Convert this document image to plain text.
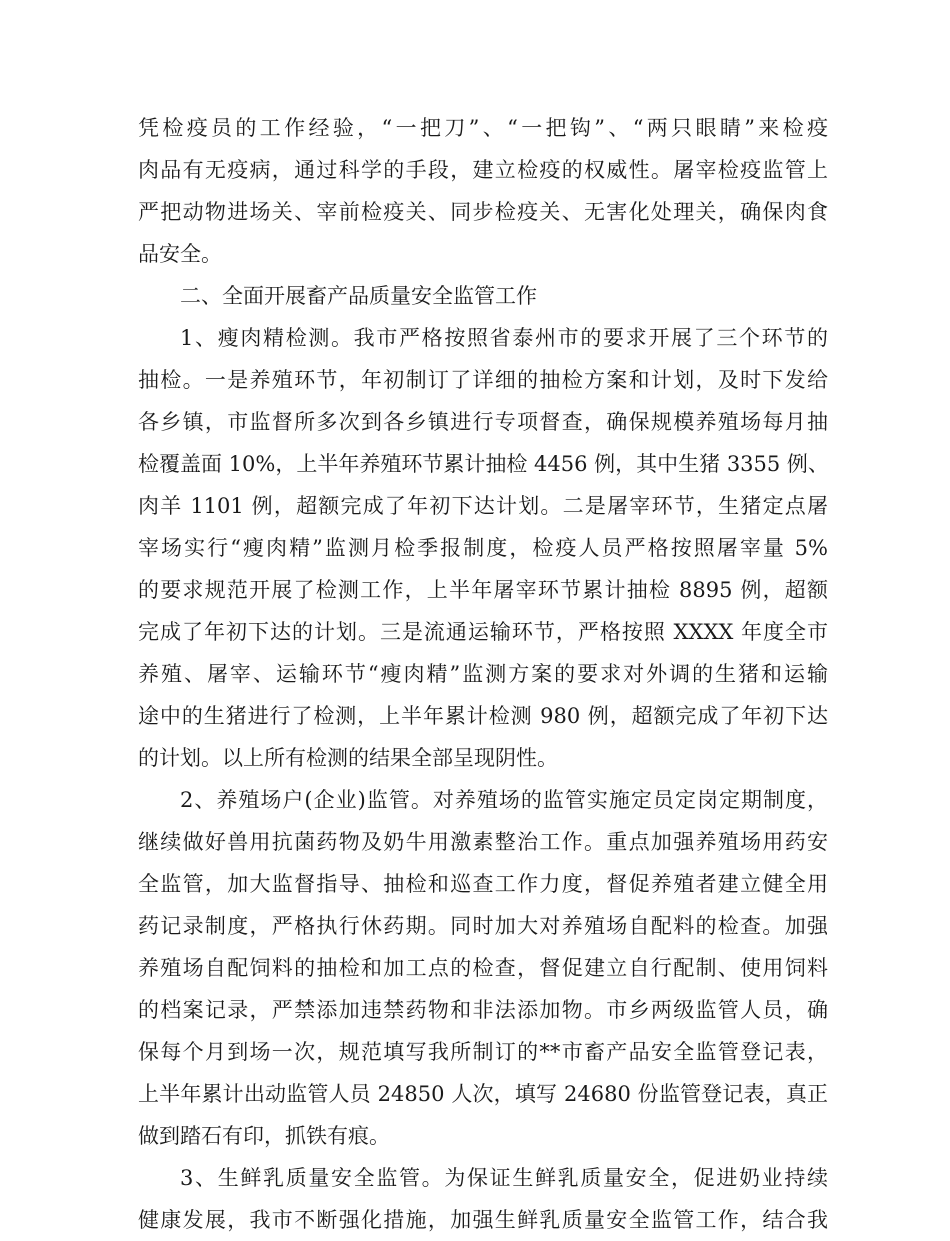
凭检疫员的工作经验，“一把刀”、“一把钩”、“两只眼睛”来检疫
肉品有无疫病，通过科学的手段，建立检疫的权威性。屠宰检疫监管上
严把动物进场关、宰前检疫关、同步检疫关、无害化处理关，确保肉食
品安全。
二、全面开展畜产品质量安全监管工作
1、瘦肉精检测。我市严格按照省泰州市的要求开展了三个环节的
抽检。一是养殖环节，年初制订了详细的抽检方案和计划，及时下发给
各乡镇，市监督所多次到各乡镇进行专项督查，确保规模养殖场每月抽
检覆盖面 10%，上半年养殖环节累计抽检 4456 例，其中生猪 3355 例、
肉羊 1101 例，超额完成了年初下达计划。二是屠宰环节，生猪定点屠
宰场实行“瘦肉精”监测月检季报制度，检疫人员严格按照屠宰量 5%
的要求规范开展了检测工作，上半年屠宰环节累计抽检 8895 例，超额
完成了年初下达的计划。三是流通运输环节，严格按照 XXXX 年度全市
养殖、屠宰、运输环节“瘦肉精”监测方案的要求对外调的生猪和运输
途中的生猪进行了检测，上半年累计检测 980 例，超额完成了年初下达
的计划。以上所有检测的结果全部呈现阴性。
2、养殖场户(企业)监管。对养殖场的监管实施定员定岗定期制度，
继续做好兽用抗菌药物及奶牛用激素整治工作。重点加强养殖场用药安
全监管，加大监督指导、抽检和巡查工作力度，督促养殖者建立健全用
药记录制度，严格执行休药期。同时加大对养殖场自配料的检查。加强
养殖场自配饲料的抽检和加工点的检查，督促建立自行配制、使用饲料
的档案记录，严禁添加违禁药物和非法添加物。市乡两级监管人员，确
保每个月到场一次，规范填写我所制订的**市畜产品安全监管登记表，
上半年累计出动监管人员 24850 人次，填写 24680 份监管登记表，真正
做到踏石有印，抓铁有痕。
3、生鲜乳质量安全监管。为保证生鲜乳质量安全，促进奶业持续
健康发展，我市不断强化措施，加强生鲜乳质量安全监管工作，结合我
